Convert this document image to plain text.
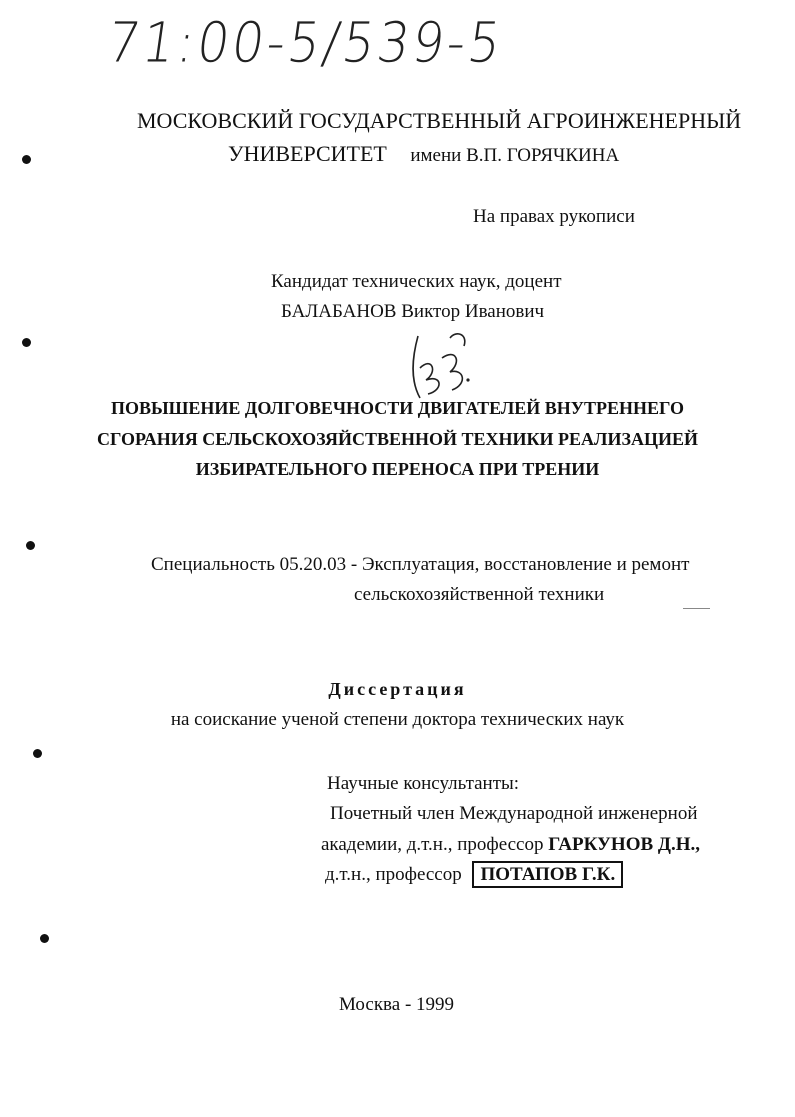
71:00-5/539-5
МОСКОВСКИЙ ГОСУДАРСТВЕННЫЙ АГРОИНЖЕНЕРНЫЙ
УНИВЕРСИТЕТ имени В.П. ГОРЯЧКИНА
На правах рукописи
Кандидат технических наук, доцент
БАЛАБАНОВ Виктор Иванович
ПОВЫШЕНИЕ ДОЛГОВЕЧНОСТИ ДВИГАТЕЛЕЙ ВНУТРЕННЕГО
СГОРАНИЯ СЕЛЬСКОХОЗЯЙСТВЕННОЙ ТЕХНИКИ РЕАЛИЗАЦИЕЙ
ИЗБИРАТЕЛЬНОГО ПЕРЕНОСА ПРИ ТРЕНИИ
Специальность 05.20.03 - Эксплуатация, восстановление и ремонт
сельскохозяйственной техники
Диссертация
на соискание ученой степени доктора технических наук
Научные консультанты:
Почетный член Международной инженерной
академии, д.т.н., профессор ГАРКУНОВ Д.Н.,
д.т.н., профессор ПОТАПОВ Г.К.
Москва - 1999
